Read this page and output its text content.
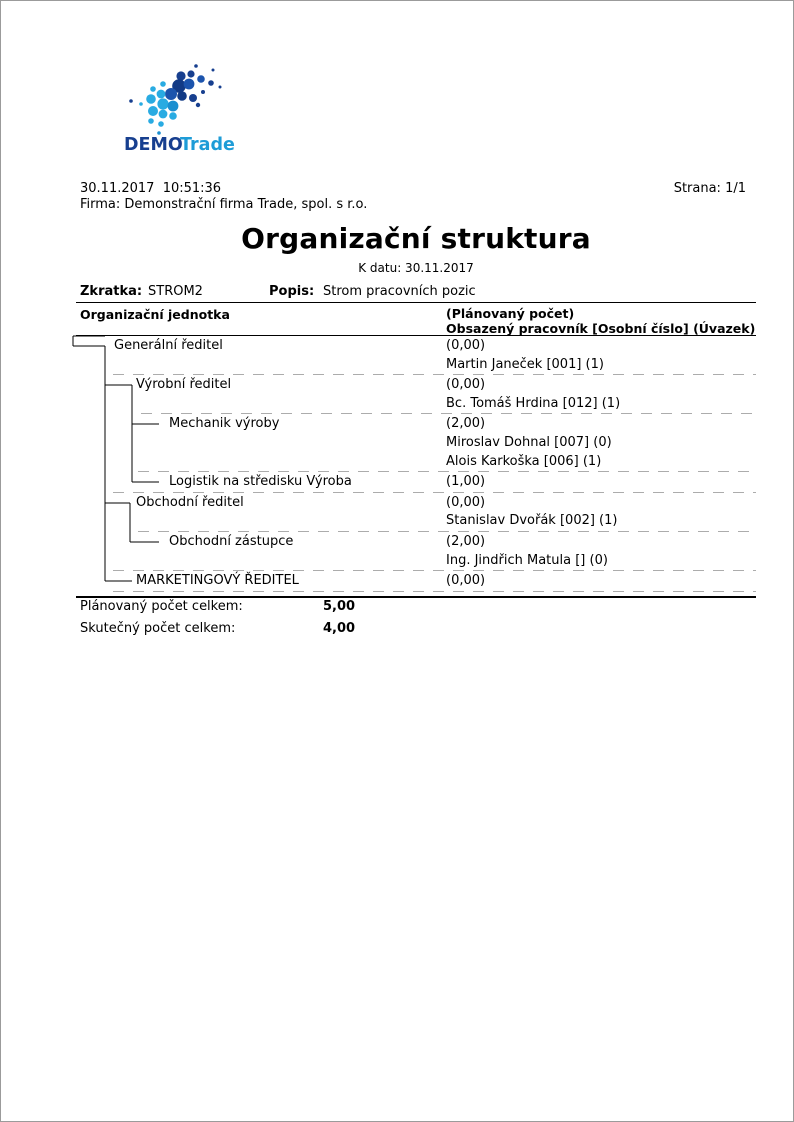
DEMO
Trade
30.11.2017  10:51:36	Strana: 1/1
Firma: Demonstrační firma Trade, spol. s r.o.
Organizační struktura
K datu: 30.11.2017
Zkratka: STROM2	Popis: Strom pracovních pozic
Organizační jednotka	(Plánovaný počet)
Obsazený pracovník [Osobní číslo] (Úvazek)
Generální ředitel	(0,00)
Martin Janeček [001] (1)
Výrobní ředitel	(0,00)
Bc. Tomáš Hrdina [012] (1)
Mechanik výroby	(2,00)
Miroslav Dohnal [007] (0)
Alois Karkoška [006] (1)
Logistik na středisku Výroba	(1,00)
Obchodní ředitel	(0,00)
Stanislav Dvořák [002] (1)
Obchodní zástupce	(2,00)
Ing. Jindřich Matula [] (0)
MARKETINGOVÝ ŘEDITEL	(0,00)
Plánovaný počet celkem:	5,00
Skutečný počet celkem:	4,00
